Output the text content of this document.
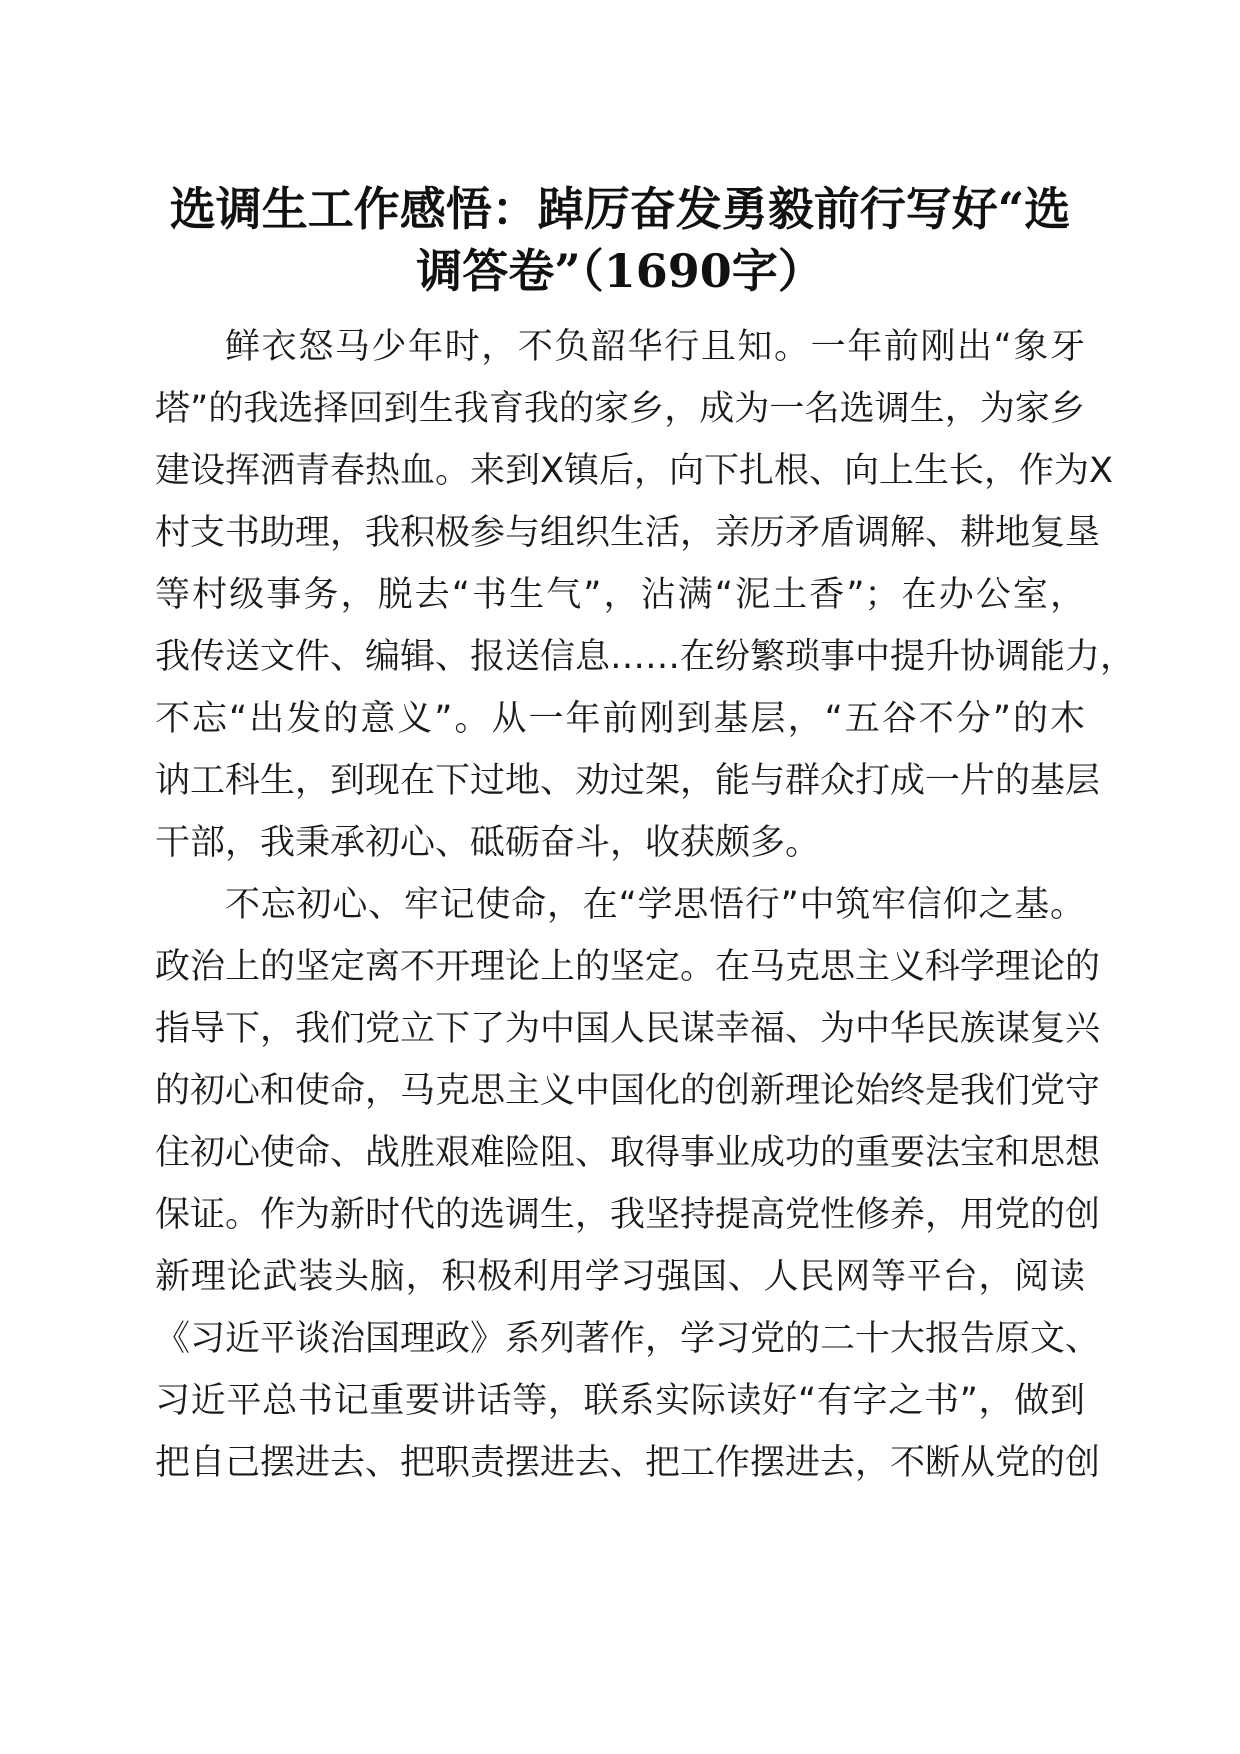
选调生工作感悟：踔厉奋发勇毅前行写好“选
调答卷”（1690字）
鲜衣怒马少年时，不负韶华行且知。一年前刚出“象牙
塔”的我选择回到生我育我的家乡，成为一名选调生，为家乡
建设挥洒青春热血。来到X镇后，向下扎根、向上生长，作为X
村支书助理，我积极参与组织生活，亲历矛盾调解、耕地复垦
等村级事务，脱去“书生气”，沾满“泥土香”；在办公室，
我传送文件、编辑、报送信息……在纷繁琐事中提升协调能力，
不忘“出发的意义”。从一年前刚到基层，“五谷不分”的木
讷工科生，到现在下过地、劝过架，能与群众打成一片的基层
干部，我秉承初心、砥砺奋斗，收获颇多。
不忘初心、牢记使命，在“学思悟行”中筑牢信仰之基。
政治上的坚定离不开理论上的坚定。在马克思主义科学理论的
指导下，我们党立下了为中国人民谋幸福、为中华民族谋复兴
的初心和使命，马克思主义中国化的创新理论始终是我们党守
住初心使命、战胜艰难险阻、取得事业成功的重要法宝和思想
保证。作为新时代的选调生，我坚持提高党性修养，用党的创
新理论武装头脑，积极利用学习强国、人民网等平台，阅读
《习近平谈治国理政》系列著作，学习党的二十大报告原文、
习近平总书记重要讲话等，联系实际读好“有字之书”，做到
把自己摆进去、把职责摆进去、把工作摆进去，不断从党的创
